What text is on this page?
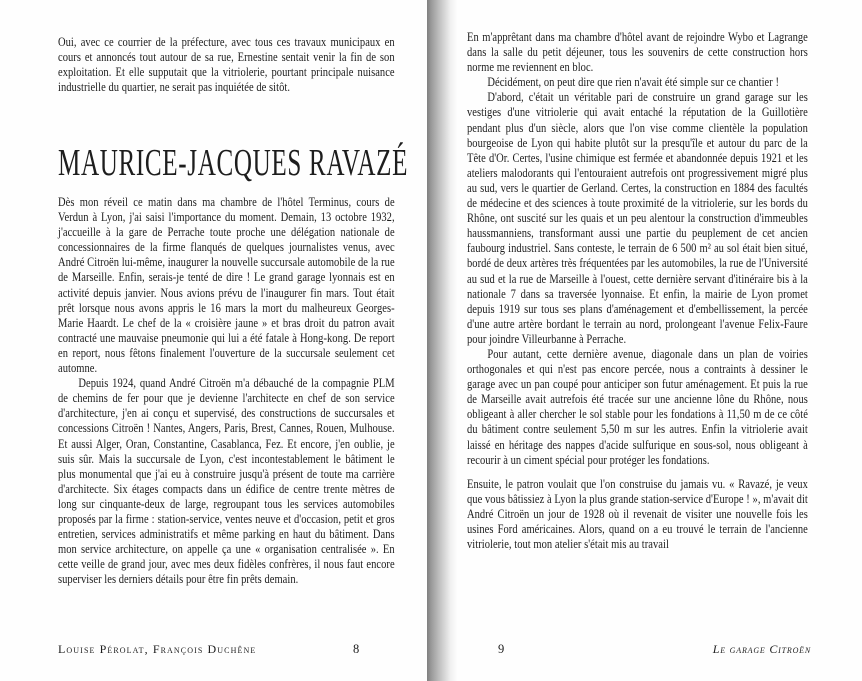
Oui, avec ce courrier de la préfecture, avec tous ces travaux municipaux en cours et annoncés tout autour de sa rue, Ernestine sentait venir la fin de son exploitation. Et elle supputait que la vitriolerie, pourtant principale nuisance industrielle du quartier, ne serait pas inquiétée de sitôt.

MAURICE-JACQUES RAVAZÉ

Dès mon réveil ce matin dans ma chambre de l'hôtel Terminus, cours de Verdun à Lyon, j'ai saisi l'importance du moment. Demain, 13 octobre 1932, j'accueille à la gare de Perrache toute proche une délégation nationale de concessionnaires de la firme flanqués de quelques journalistes venus, avec André Citroën lui-même, inaugurer la nouvelle succursale automobile de la rue de Marseille. Enfin, serais-je tenté de dire ! Le grand garage lyonnais est en activité depuis janvier. Nous avions prévu de l'inaugurer fin mars. Tout était prêt lorsque nous avons appris le 16 mars la mort du malheureux Georges-Marie Haardt. Le chef de la « croisière jaune » et bras droit du patron avait contracté une mauvaise pneumonie qui lui a été fatale à Hong-kong. De report en report, nous fêtons finalement l'ouverture de la succursale seulement cet automne.

Depuis 1924, quand André Citroën m'a débauché de la compagnie PLM de chemins de fer pour que je devienne l'architecte en chef de son service d'architecture, j'en ai conçu et supervisé, des constructions de succursales et concessions Citroën ! Nantes, Angers, Paris, Brest, Cannes, Rouen, Mulhouse. Et aussi Alger, Oran, Constantine, Casablanca, Fez. Et encore, j'en oublie, je suis sûr. Mais la succursale de Lyon, c'est incontestablement le bâtiment le plus monumental que j'ai eu à construire jusqu'à présent de toute ma carrière d'architecte. Six étages compacts dans un édifice de centre trente mètres de long sur cinquante-deux de large, regroupant tous les services automobiles proposés par la firme : station-service, ventes neuve et d'occasion, petit et gros entretien, services administratifs et même parking en haut du bâtiment. Dans mon service architecture, on appelle ça une « organisation centralisée ». En cette veille de grand jour, avec mes deux fidèles confrères, il nous faut encore superviser les derniers détails pour être fin prêts demain.

Louise Pérolat, François Duchêne	8

En m'apprêtant dans ma chambre d'hôtel avant de rejoindre Wybo et Lagrange dans la salle du petit déjeuner, tous les souvenirs de cette construction hors norme me reviennent en bloc.

Décidément, on peut dire que rien n'avait été simple sur ce chantier !

D'abord, c'était un véritable pari de construire un grand garage sur les vestiges d'une vitriolerie qui avait entaché la réputation de la Guillotière pendant plus d'un siècle, alors que l'on vise comme clientèle la population bourgeoise de Lyon qui habite plutôt sur la presqu'île et autour du parc de la Tête d'Or. Certes, l'usine chimique est fermée et abandonnée depuis 1921 et les ateliers malodorants qui l'entouraient autrefois ont progressivement migré plus au sud, vers le quartier de Gerland. Certes, la construction en 1884 des facultés de médecine et des sciences à toute proximité de la vitriolerie, sur les bords du Rhône, ont suscité sur les quais et un peu alentour la construction d'immeubles haussmanniens, transformant aussi une partie du peuplement de cet ancien faubourg industriel. Sans conteste, le terrain de 6 500 m² au sol était bien situé, bordé de deux artères très fréquentées par les automobiles, la rue de l'Université au sud et la rue de Marseille à l'ouest, cette dernière servant d'itinéraire bis à la nationale 7 dans sa traversée lyonnaise. Et enfin, la mairie de Lyon promet depuis 1919 sur tous ses plans d'aménagement et d'embellissement, la percée d'une autre artère bordant le terrain au nord, prolongeant l'avenue Felix-Faure pour joindre Villeurbanne à Perrache.

Pour autant, cette dernière avenue, diagonale dans un plan de voiries orthogonales et qui n'est pas encore percée, nous a contraints à dessiner le garage avec un pan coupé pour anticiper son futur aménagement. Et puis la rue de Marseille avait autrefois été tracée sur une ancienne lône du Rhône, nous obligeant à aller chercher le sol stable pour les fondations à 11,50 m de ce côté du bâtiment contre seulement 5,50 m sur les autres. Enfin la vitriolerie avait laissé en héritage des nappes d'acide sulfurique en sous-sol, nous obligeant à recourir à un ciment spécial pour protéger les fondations.

Ensuite, le patron voulait que l'on construise du jamais vu. « Ravazé, je veux que vous bâtissiez à Lyon la plus grande station-service d'Europe ! », m'avait dit André Citroën un jour de 1928 où il revenait de visiter une nouvelle fois les usines Ford américaines. Alors, quand on a eu trouvé le terrain de l'ancienne vitriolerie, tout mon atelier s'était mis au travail

9	Le garage Citroën
